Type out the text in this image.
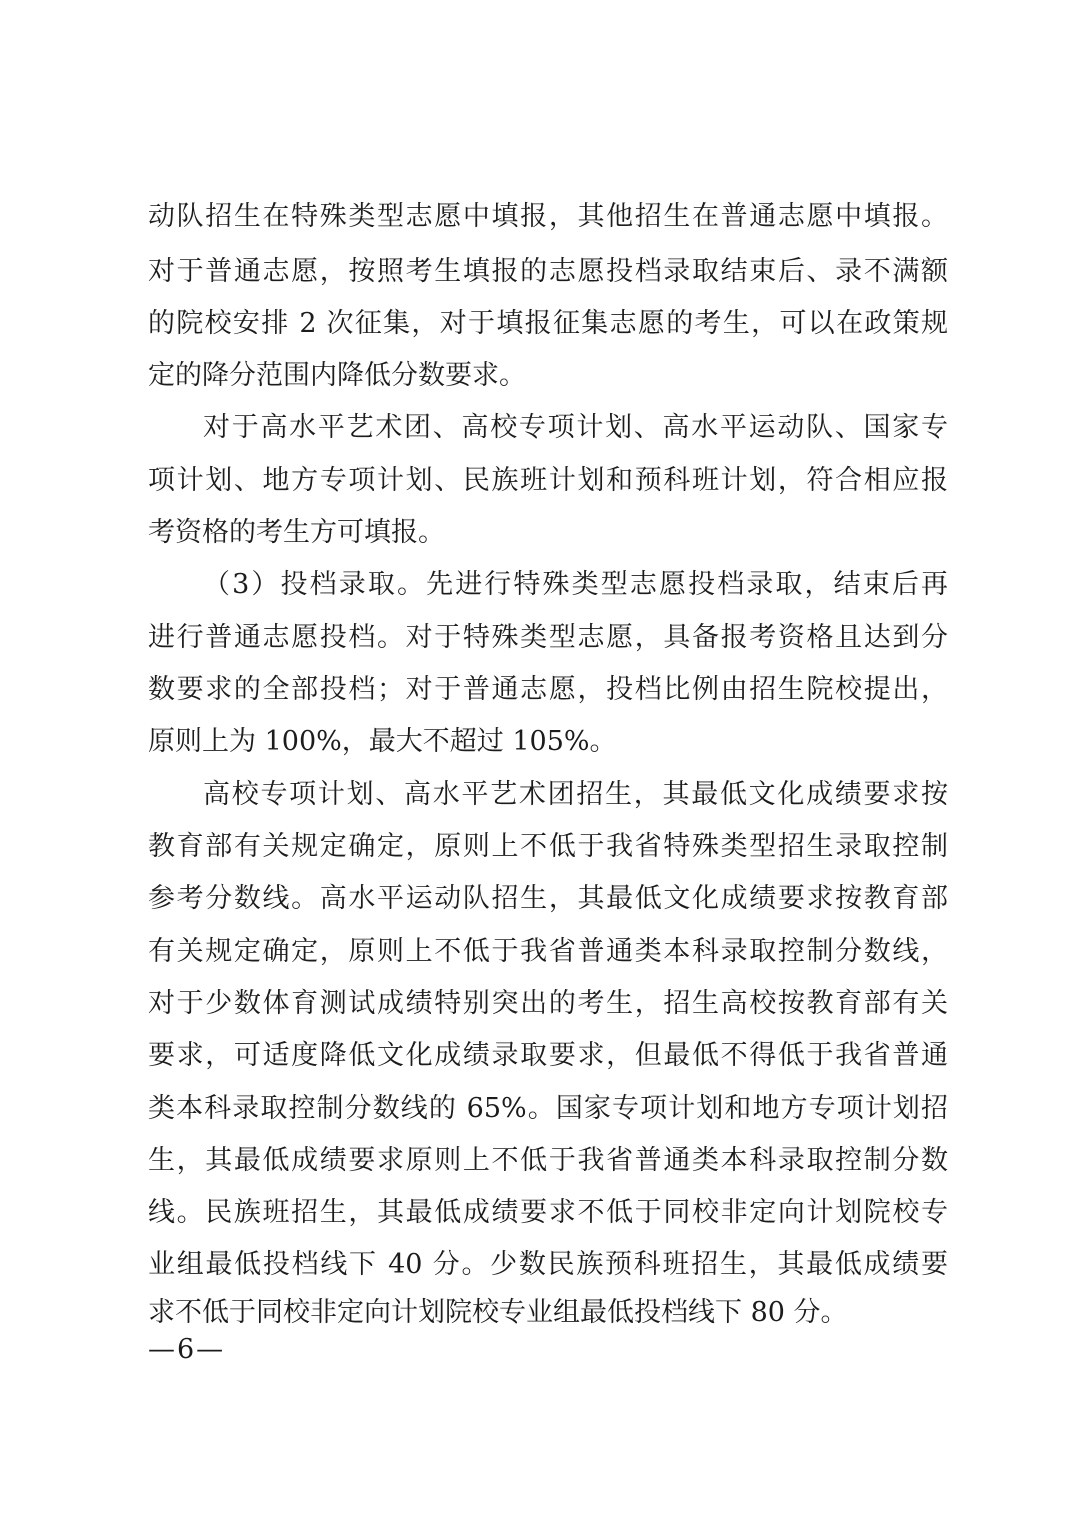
动队招生在特殊类型志愿中填报，其他招生在普通志愿中填报。
对于普通志愿，按照考生填报的志愿投档录取结束后、录不满额
的院校安排 2 次征集，对于填报征集志愿的考生，可以在政策规
定的降分范围内降低分数要求。
对于高水平艺术团、高校专项计划、高水平运动队、国家专
项计划、地方专项计划、民族班计划和预科班计划，符合相应报
考资格的考生方可填报。
（3）投档录取。先进行特殊类型志愿投档录取，结束后再
进行普通志愿投档。对于特殊类型志愿，具备报考资格且达到分
数要求的全部投档；对于普通志愿，投档比例由招生院校提出，
原则上为 100%，最大不超过 105%。
高校专项计划、高水平艺术团招生，其最低文化成绩要求按
教育部有关规定确定，原则上不低于我省特殊类型招生录取控制
参考分数线。高水平运动队招生，其最低文化成绩要求按教育部
有关规定确定，原则上不低于我省普通类本科录取控制分数线，
对于少数体育测试成绩特别突出的考生，招生高校按教育部有关
要求，可适度降低文化成绩录取要求，但最低不得低于我省普通
类本科录取控制分数线的 65%。国家专项计划和地方专项计划招
生，其最低成绩要求原则上不低于我省普通类本科录取控制分数
线。民族班招生，其最低成绩要求不低于同校非定向计划院校专
业组最低投档线下 40 分。少数民族预科班招生，其最低成绩要
求不低于同校非定向计划院校专业组最低投档线下 80 分。
—6—
